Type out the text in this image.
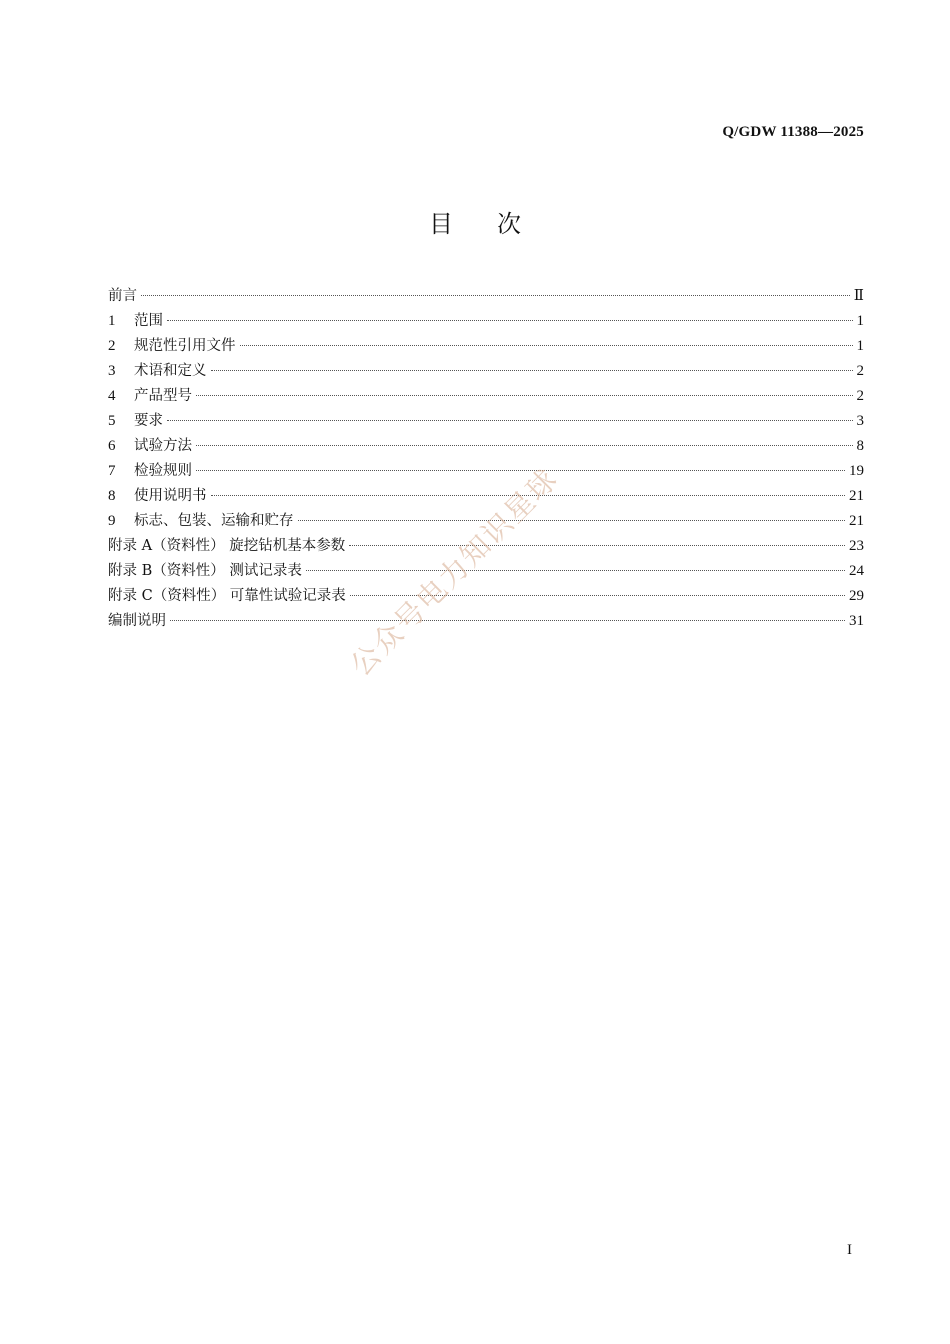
Q/GDW 11388—2025
目次
前言	Ⅱ
1	范围	1
2	规范性引用文件	1
3	术语和定义	2
4	产品型号	2
5	要求	3
6	试验方法	8
7	检验规则	19
8	使用说明书	21
9	标志、包装、运输和贮存	21
附录 A（资料性） 旋挖钻机基本参数	23
附录 B（资料性） 测试记录表	24
附录 C（资料性） 可靠性试验记录表	29
编制说明	31
公众号电力知识星球
I
